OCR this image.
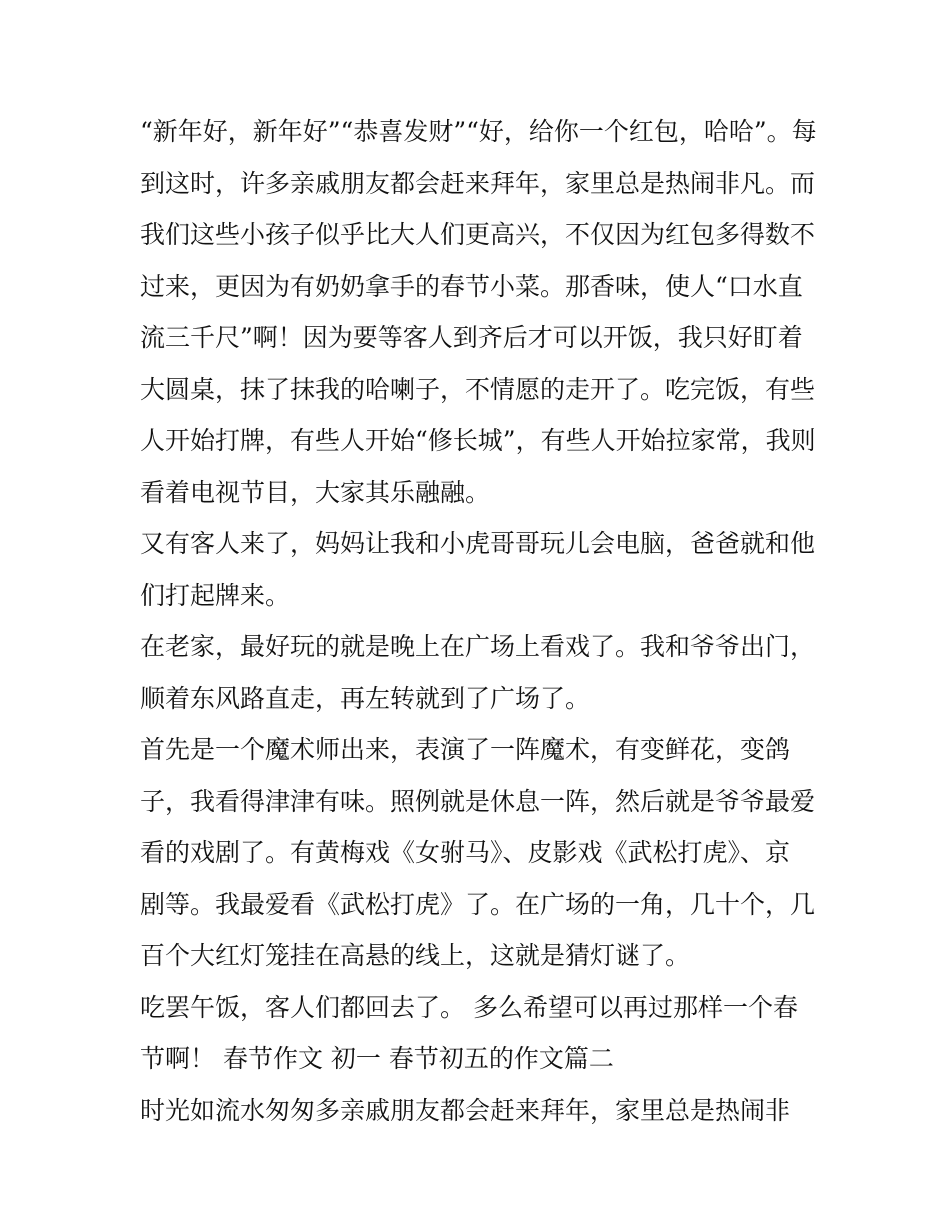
“新年好，新年好”“恭喜发财”“好，给你一个红包，哈哈”。每
到这时，许多亲戚朋友都会赶来拜年，家里总是热闹非凡。而
我们这些小孩子似乎比大人们更高兴，不仅因为红包多得数不
过来，更因为有奶奶拿手的春节小菜。那香味，使人“口水直
流三千尺”啊！因为要等客人到齐后才可以开饭，我只好盯着
大圆桌，抹了抹我的哈喇子，不情愿的走开了。吃完饭，有些
人开始打牌，有些人开始“修长城”，有些人开始拉家常，我则
看着电视节目，大家其乐融融。
又有客人来了，妈妈让我和小虎哥哥玩儿会电脑，爸爸就和他
们打起牌来。
在老家，最好玩的就是晚上在广场上看戏了。我和爷爷出门，
顺着东风路直走，再左转就到了广场了。
首先是一个魔术师出来，表演了一阵魔术，有变鲜花，变鸽
子，我看得津津有味。照例就是休息一阵，然后就是爷爷最爱
看的戏剧了。有黄梅戏《女驸马》、皮影戏《武松打虎》、京
剧等。我最爱看《武松打虎》了。在广场的一角，几十个，几
百个大红灯笼挂在高悬的线上，这就是猜灯谜了。
吃罢午饭，客人们都回去了。 多么希望可以再过那样一个春
节啊！ 春节作文 初一 春节初五的作文篇二
时光如流水匆匆多亲戚朋友都会赶来拜年，家里总是热闹非
